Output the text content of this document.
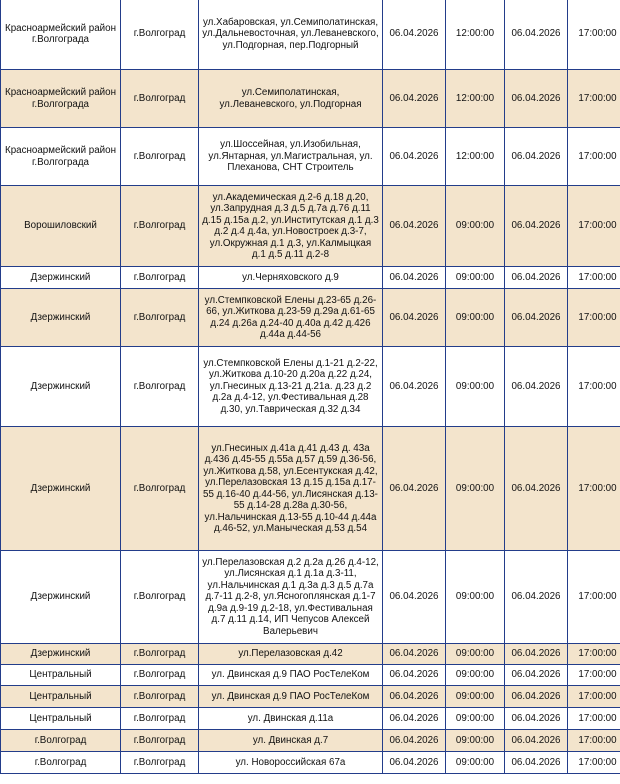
Красноармейский район г.Волгограда	г.Волгоград	ул.Хабаровская, ул.Семиполатинская, ул.Дальневосточная, ул.Леваневского, ул.Подгорная, пер.Подгорный	06.04.2026	12:00:00	06.04.2026	17:00:00
Красноармейский район г.Волгограда	г.Волгоград	ул.Семиполатинская, ул.Леваневского, ул.Подгорная	06.04.2026	12:00:00	06.04.2026	17:00:00
Красноармейский район г.Волгограда	г.Волгоград	ул.Шоссейная, ул.Изобильная, ул.Янтарная, ул.Магистральная, ул. Плеханова, СНТ Строитель	06.04.2026	12:00:00	06.04.2026	17:00:00
Ворошиловский	г.Волгоград	ул.Академическая д.2-6 д.18 д.20, ул.Запрудная д.3 д.5 д.7а д.76 д.11 д.15 д.15а д.2, ул.Институтская д.1 д.3 д.2 д.4 д.4а, ул.Новостроек д.3-7, ул.Окружная д.1 д.3, ул.Калмыцкая д.1 д.5 д.11 д.2-8	06.04.2026	09:00:00	06.04.2026	17:00:00
Дзержинский	г.Волгоград	ул.Черняховского д.9	06.04.2026	09:00:00	06.04.2026	17:00:00
Дзержинский	г.Волгоград	ул.Стемпковской Елены д.23-65 д.26-66, ул.Житкова д.23-59 д.29а д.61-65 д.24 д.26а д.24-40 д.40а д.42 д.426 д.44а д.44-56	06.04.2026	09:00:00	06.04.2026	17:00:00
Дзержинский	г.Волгоград	ул.Стемпковской Елены д.1-21 д.2-22, ул.Житкова д.10-20 д.20а д.22 д.24, ул.Гнесиных д.13-21 д.21а. д.23 д.2 д.2а д.4-12, ул.Фестивальная д.28 д.30, ул.Таврическая д.32 д.34	06.04.2026	09:00:00	06.04.2026	17:00:00
Дзержинский	г.Волгоград	ул.Гнесиных д.41а д.41 д.43 д. 43а д.436 д.45-55 д.55а д.57 д.59 д.36-56, ул.Житкова д.58, ул.Есентукская д.42, ул.Перелазовская 13 д.15 д.15а д.17-55 д.16-40 д.44-56, ул.Лисянская д.13-55 д.14-28 д.28а д.30-56, ул.Нальчинская д.13-55 д.10-44 д.44а д.46-52, ул.Маныческая д.53 д.54	06.04.2026	09:00:00	06.04.2026	17:00:00
Дзержинский	г.Волгоград	ул.Перелазовская д.2 д.2а д.26 д.4-12, ул.Лисянская д.1 д.1а д.3-11, ул.Нальчинская д.1 д.3а д.3 д.5 д.7а д.7-11 д.2-8, ул.Ясногоплянская д.1-7 д.9а д.9-19 д.2-18, ул.Фестивальная д.7 д.11 д.14, ИП Чепусов Алексей Валерьевич	06.04.2026	09:00:00	06.04.2026	17:00:00
Дзержинский	г.Волгоград	ул.Перелазовская д.42	06.04.2026	09:00:00	06.04.2026	17:00:00
Центральный	г.Волгоград	ул. Двинская д.9 ПАО РосТелеКом	06.04.2026	09:00:00	06.04.2026	17:00:00
Центральный	г.Волгоград	ул. Двинская д.9 ПАО РосТелеКом	06.04.2026	09:00:00	06.04.2026	17:00:00
Центральный	г.Волгоград	ул. Двинская д.11а	06.04.2026	09:00:00	06.04.2026	17:00:00
г.Волгоград	г.Волгоград	ул. Двинская д.7	06.04.2026	09:00:00	06.04.2026	17:00:00
г.Волгоград	г.Волгоград	ул. Новороссийская 67а	06.04.2026	09:00:00	06.04.2026	17:00:00
